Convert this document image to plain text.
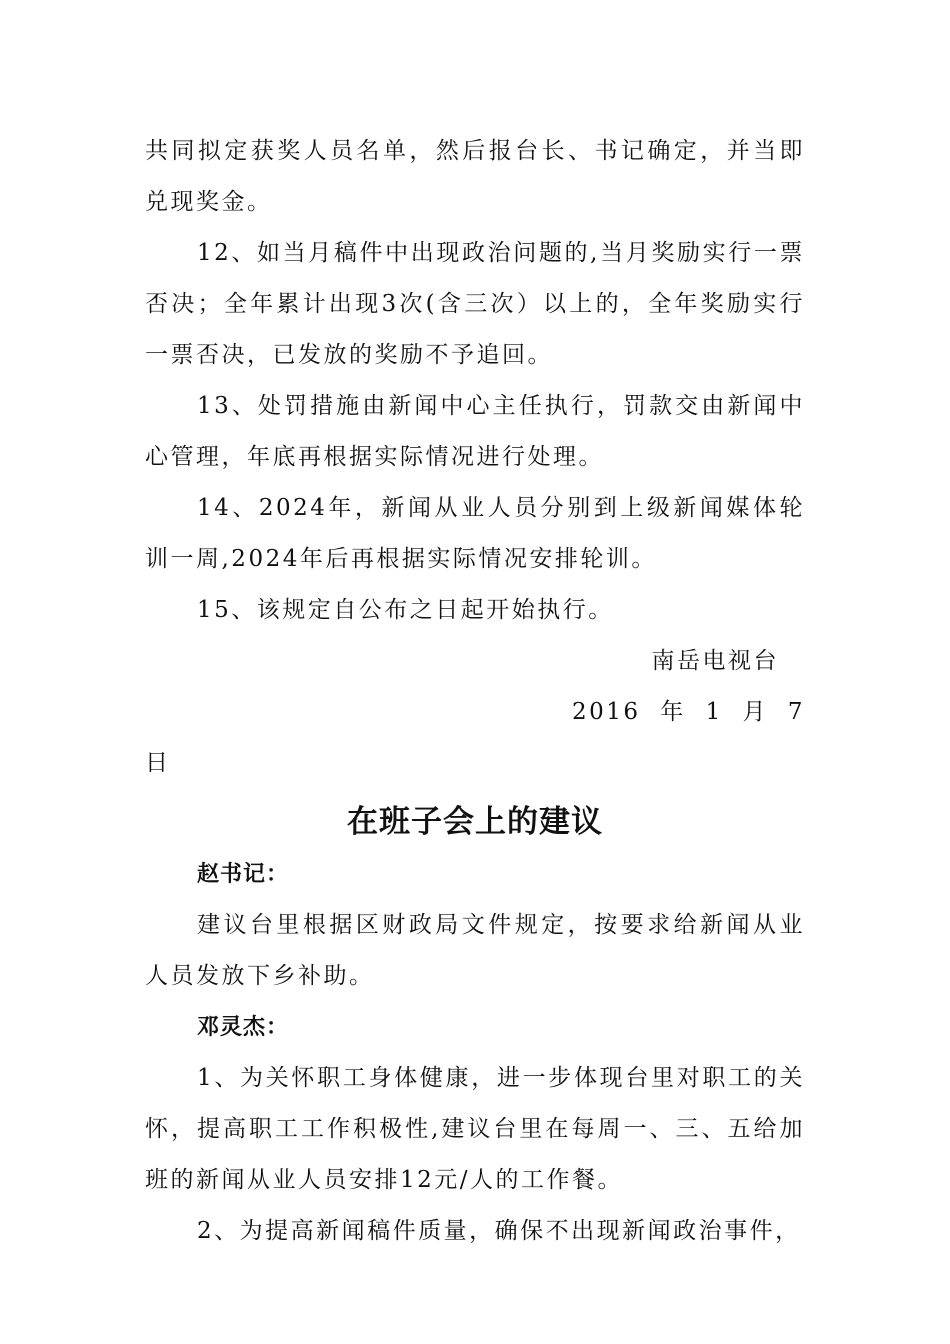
共同拟定获奖人员名单，然后报台长、书记确定，并当即兑现奖金。

12、如当月稿件中出现政治问题的,当月奖励实行一票否决；全年累计出现3次(含三次）以上的，全年奖励实行一票否决，已发放的奖励不予追回。

13、处罚措施由新闻中心主任执行，罚款交由新闻中心管理，年底再根据实际情况进行处理。

14、2024年，新闻从业人员分别到上级新闻媒体轮训一周,2024年后再根据实际情况安排轮训。

15、该规定自公布之日起开始执行。

南岳电视台

2016 年 1 月 7

日

在班子会上的建议

赵书记：

建议台里根据区财政局文件规定，按要求给新闻从业人员发放下乡补助。

邓灵杰：

1、为关怀职工身体健康，进一步体现台里对职工的关怀，提高职工工作积极性,建议台里在每周一、三、五给加班的新闻从业人员安排12元/人的工作餐。

2、为提高新闻稿件质量，确保不出现新闻政治事件，
